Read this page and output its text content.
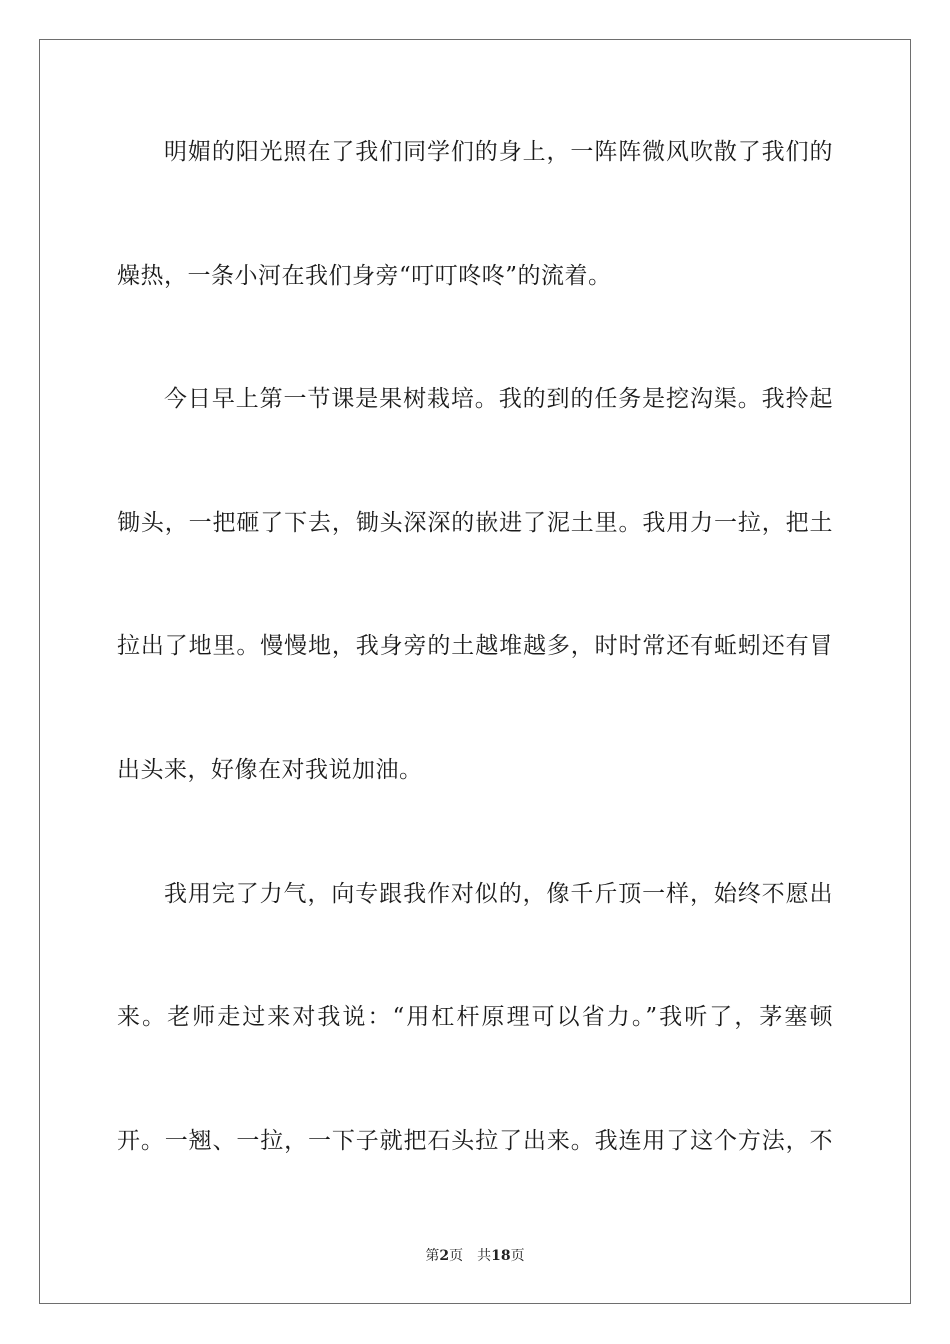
明媚的阳光照在了我们同学们的身上，一阵阵微风吹散了我们的
燥热，一条小河在我们身旁“叮叮咚咚”的流着。
今日早上第一节课是果树栽培。我的到的任务是挖沟渠。我拎起
锄头，一把砸了下去，锄头深深的嵌进了泥土里。我用力一拉，把土
拉出了地里。慢慢地，我身旁的土越堆越多，时时常还有蚯蚓还有冒
出头来，好像在对我说加油。
我用完了力气，向专跟我作对似的，像千斤顶一样，始终不愿出
来。老师走过来对我说：“用杠杆原理可以省力。”我听了，茅塞顿
开。一翘、一拉，一下子就把石头拉了出来。我连用了这个方法，不
第2页 共18页
